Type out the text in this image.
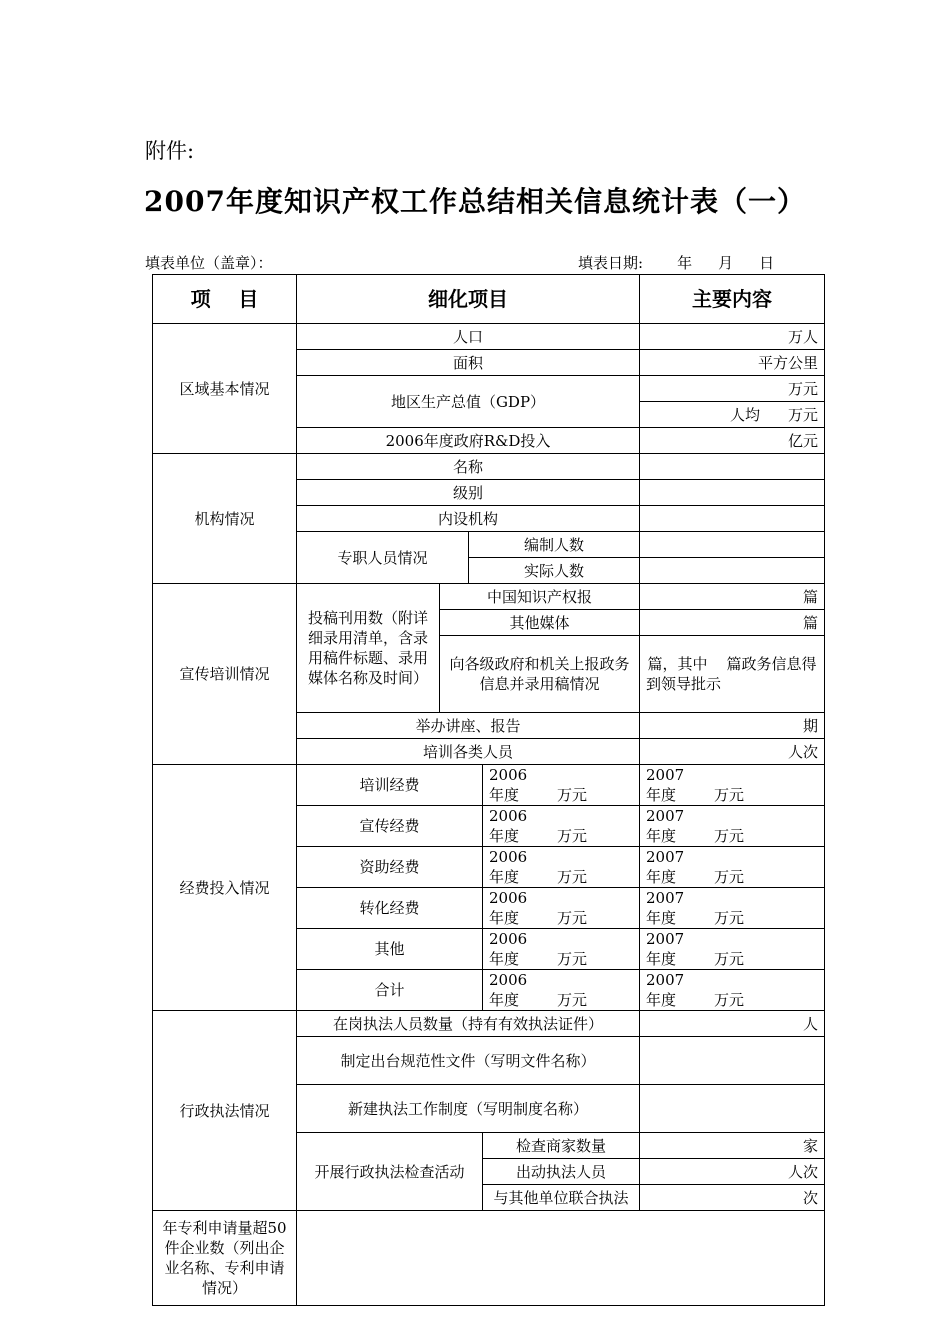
附件:
2007年度知识产权工作总结相关信息统计表（一）
填表单位（盖章）：	填表日期: 年 月 日
项    目	细化项目				主要内容
区域基本情况	人口				万人
	面积				平方公里
	地区生产总值（GDP）				万元
					人均 万元
	2006年度政府R&D投入				亿元
机构情况	名称				
	级别				
	内设机构				
	专职人员情况		编制人数		
			实际人数		
宣传培训情况	投稿刊用数（附详细录用清单，含录用稿件标题、录用媒体名称及时间）	中国知识产权报			篇
		其他媒体			篇
		向各级政府和机关上报政务信息并录用稿情况			篇，其中    篇政务信息得到领导批示
	举办讲座、报告				期
	培训各类人员				人次
经费投入情况	培训经费			2006年度 万元	2007年度 万元
	宣传经费			2006年度 万元	2007年度 万元
	资助经费			2006年度 万元	2007年度 万元
	转化经费			2006年度 万元	2007年度 万元
	其他			2006年度 万元	2007年度 万元
	合计			2006年度 万元	2007年度 万元
行政执法情况	在岗执法人员数量（持有有效执法证件）				人
	制定出台规范性文件（写明文件名称）				
	新建执法工作制度（写明制度名称）				
	开展行政执法检查活动			检查商家数量	家
				出动执法人员	人次
				与其他单位联合执法	次
年专利申请量超50件企业数（列出企业名称、专利申请情况）					
